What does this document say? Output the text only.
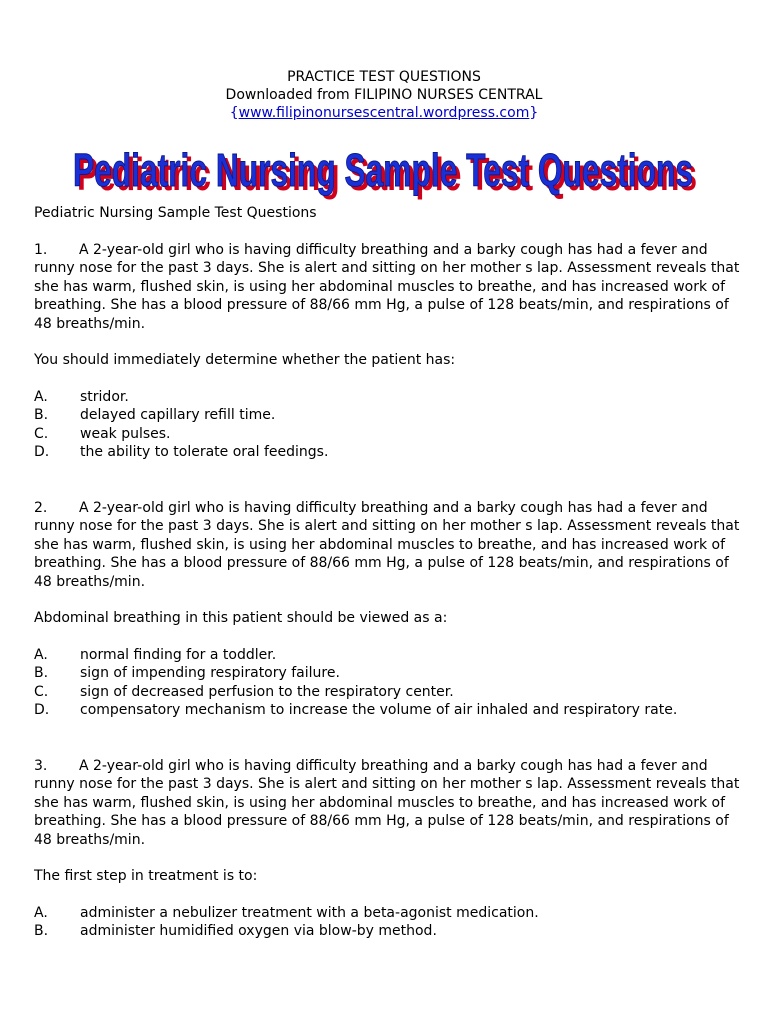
PRACTICE TEST QUESTIONS
Downloaded from FILIPINO NURSES CENTRAL
{www.filipinonursescentral.wordpress.com}
Pediatric Nursing Sample Test Questions
Pediatric Nursing Sample Test Questions
Pediatric Nursing Sample Test Questions

1. A 2-year-old girl who is having difficulty breathing and a barky cough has had a fever and runny nose for the past 3 days. She is alert and sitting on her mother s lap. Assessment reveals that she has warm, flushed skin, is using her abdominal muscles to breathe, and has increased work of breathing. She has a blood pressure of 88/66 mm Hg, a pulse of 128 beats/min, and respirations of 48 breaths/min.

You should immediately determine whether the patient has:

A.	stridor.
B.	delayed capillary refill time.
C.	weak pulses.
D.	the ability to tolerate oral feedings.

2. A 2-year-old girl who is having difficulty breathing and a barky cough has had a fever and runny nose for the past 3 days. She is alert and sitting on her mother s lap. Assessment reveals that she has warm, flushed skin, is using her abdominal muscles to breathe, and has increased work of breathing. She has a blood pressure of 88/66 mm Hg, a pulse of 128 beats/min, and respirations of 48 breaths/min.

Abdominal breathing in this patient should be viewed as a:

A.	normal finding for a toddler.
B.	sign of impending respiratory failure.
C.	sign of decreased perfusion to the respiratory center.
D.	compensatory mechanism to increase the volume of air inhaled and respiratory rate.

3. A 2-year-old girl who is having difficulty breathing and a barky cough has had a fever and runny nose for the past 3 days. She is alert and sitting on her mother s lap. Assessment reveals that she has warm, flushed skin, is using her abdominal muscles to breathe, and has increased work of breathing. She has a blood pressure of 88/66 mm Hg, a pulse of 128 beats/min, and respirations of 48 breaths/min.

The first step in treatment is to:

A.	administer a nebulizer treatment with a beta-agonist medication.
B.	administer humidified oxygen via blow-by method.
